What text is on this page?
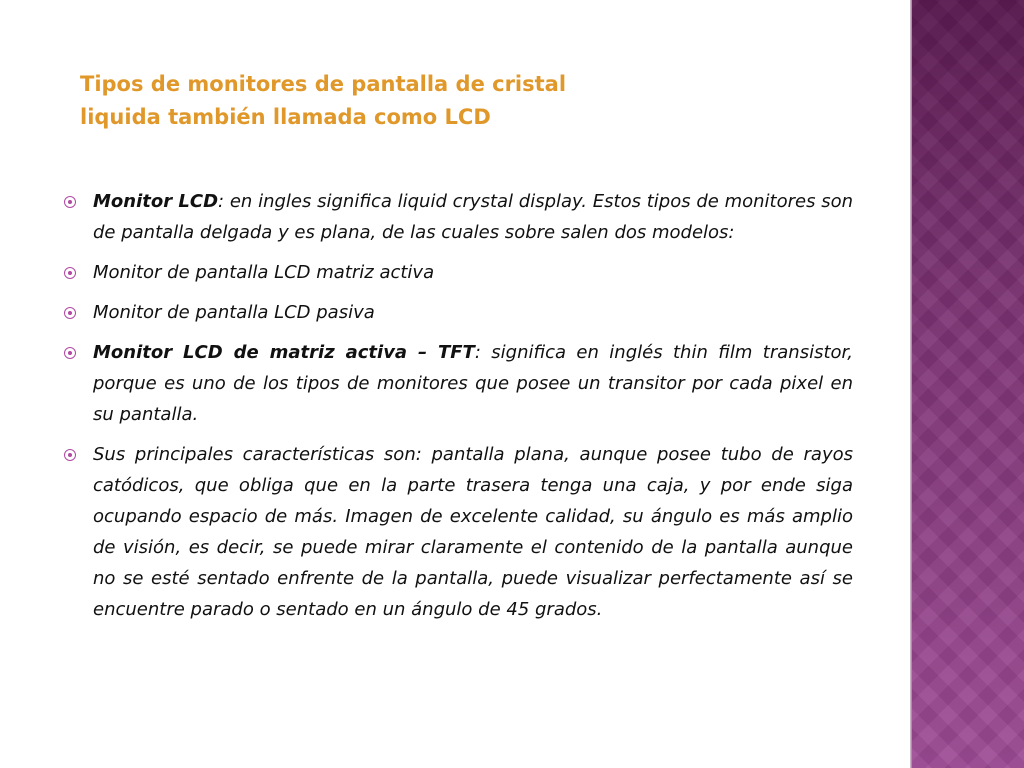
Tipos de monitores de pantalla de cristal liquida también llamada como LCD
Monitor LCD: en ingles significa liquid crystal display. Estos tipos de monitores son de pantalla delgada y es plana, de las cuales sobre salen dos modelos:
Monitor de pantalla LCD matriz activa
Monitor de pantalla LCD pasiva
Monitor LCD de matriz activa – TFT: significa en inglés thin film transistor, porque es uno de los tipos de monitores que posee un transitor por cada pixel en su pantalla.
Sus principales características son: pantalla plana, aunque posee tubo de rayos catódicos, que obliga que en la parte trasera tenga una caja, y por ende siga ocupando espacio de más. Imagen de excelente calidad, su ángulo es más amplio de visión, es decir, se puede mirar claramente el contenido de la pantalla aunque no se esté sentado enfrente de la pantalla, puede visualizar perfectamente así se encuentre parado o sentado en un ángulo de 45 grados.
